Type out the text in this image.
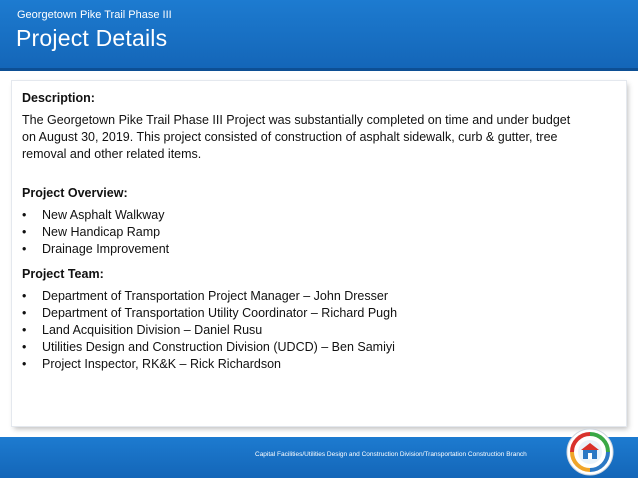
Georgetown Pike Trail Phase III
Project Details

Description:

The Georgetown Pike Trail Phase III Project was substantially completed on time and under budget on August 30, 2019. This project consisted of construction of asphalt sidewalk, curb & gutter, tree removal and other related items.

Project Overview:

• New Asphalt Walkway
• New Handicap Ramp
• Drainage Improvement

Project Team:

• Department of Transportation Project Manager – John Dresser
• Department of Transportation Utility Coordinator – Richard Pugh
• Land Acquisition Division – Daniel Rusu
• Utilities Design and Construction Division (UDCD) – Ben Samiyi
• Project Inspector, RK&K – Rick Richardson
Capital Facilities/Utilities Design and Construction Division/Transportation Construction Branch
